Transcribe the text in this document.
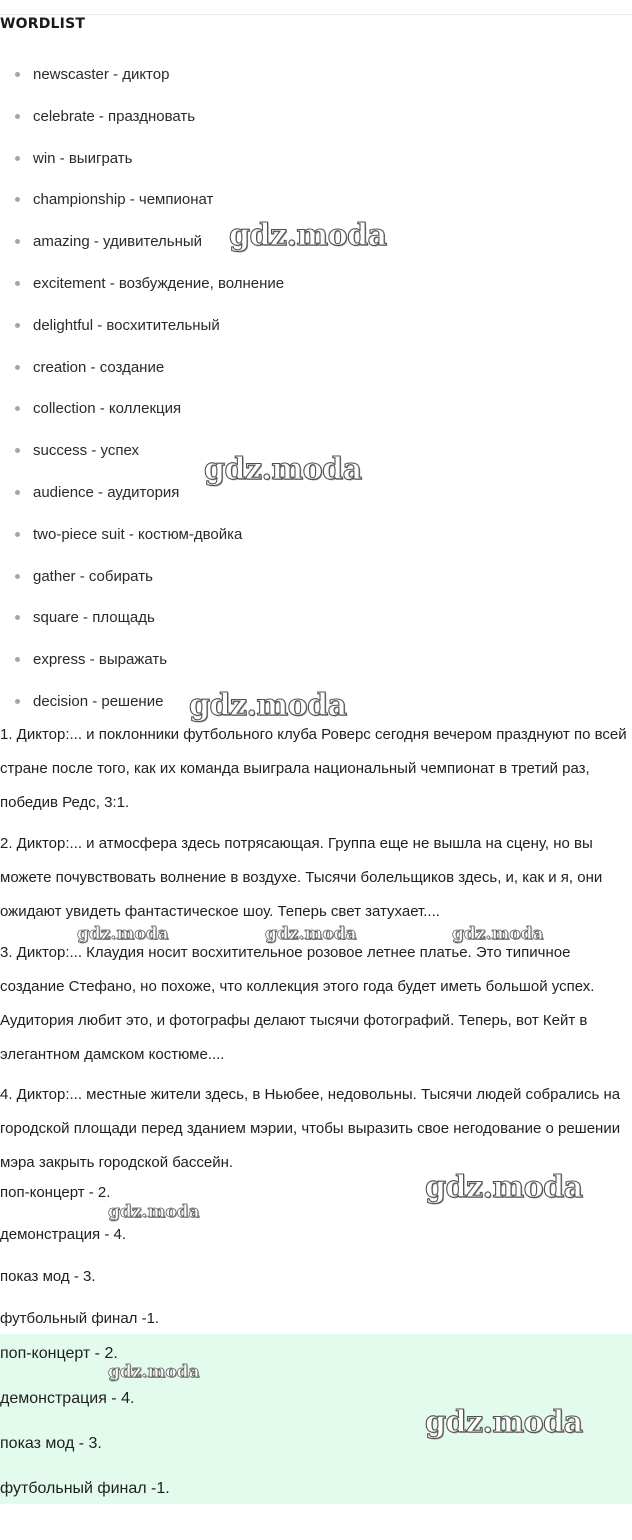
WORDLIST
newscaster - диктор
celebrate - праздновать
win - выиграть
championship - чемпионат
amazing - удивительный
excitement - возбуждение, волнение
delightful - восхитительный
creation - создание
collection - коллекция
success - успех
audience - аудитория
two-piece suit - костюм-двойка
gather - собирать
square - площадь
express - выражать
decision - решение

1. Диктор:... и поклонники футбольного клуба Роверс сегодня вечером празднуют по всей стране после того, как их команда выиграла национальный чемпионат в третий раз, победив Редс, 3:1.

2. Диктор:... и атмосфера здесь потрясающая. Группа еще не вышла на сцену, но вы можете почувствовать волнение в воздухе. Тысячи болельщиков здесь, и, как и я, они ожидают увидеть фантастическое шоу. Теперь свет затухает....

3. Диктор:... Клаудия носит восхитительное розовое летнее платье. Это типичное создание Стефано, но похоже, что коллекция этого года будет иметь большой успех. Аудитория любит это, и фотографы делают тысячи фотографий. Теперь, вот Кейт в элегантном дамском костюме....

4. Диктор:... местные жители здесь, в Ньюбее, недовольны. Тысячи людей собрались на городской площади перед зданием мэрии, чтобы выразить свое негодование о решении мэра закрыть городской бассейн.

поп-концерт - 2.
демонстрация - 4.
показ мод - 3.
футбольный финал -1.
поп-концерт - 2.
демонстрация - 4.
показ мод - 3.
футбольный финал -1.
gdz.moda
gdz.moda
gdz.moda
gdz.moda	gdz.moda	gdz.moda
gdz.moda
gdz.moda
gdz.moda
gdz.moda
